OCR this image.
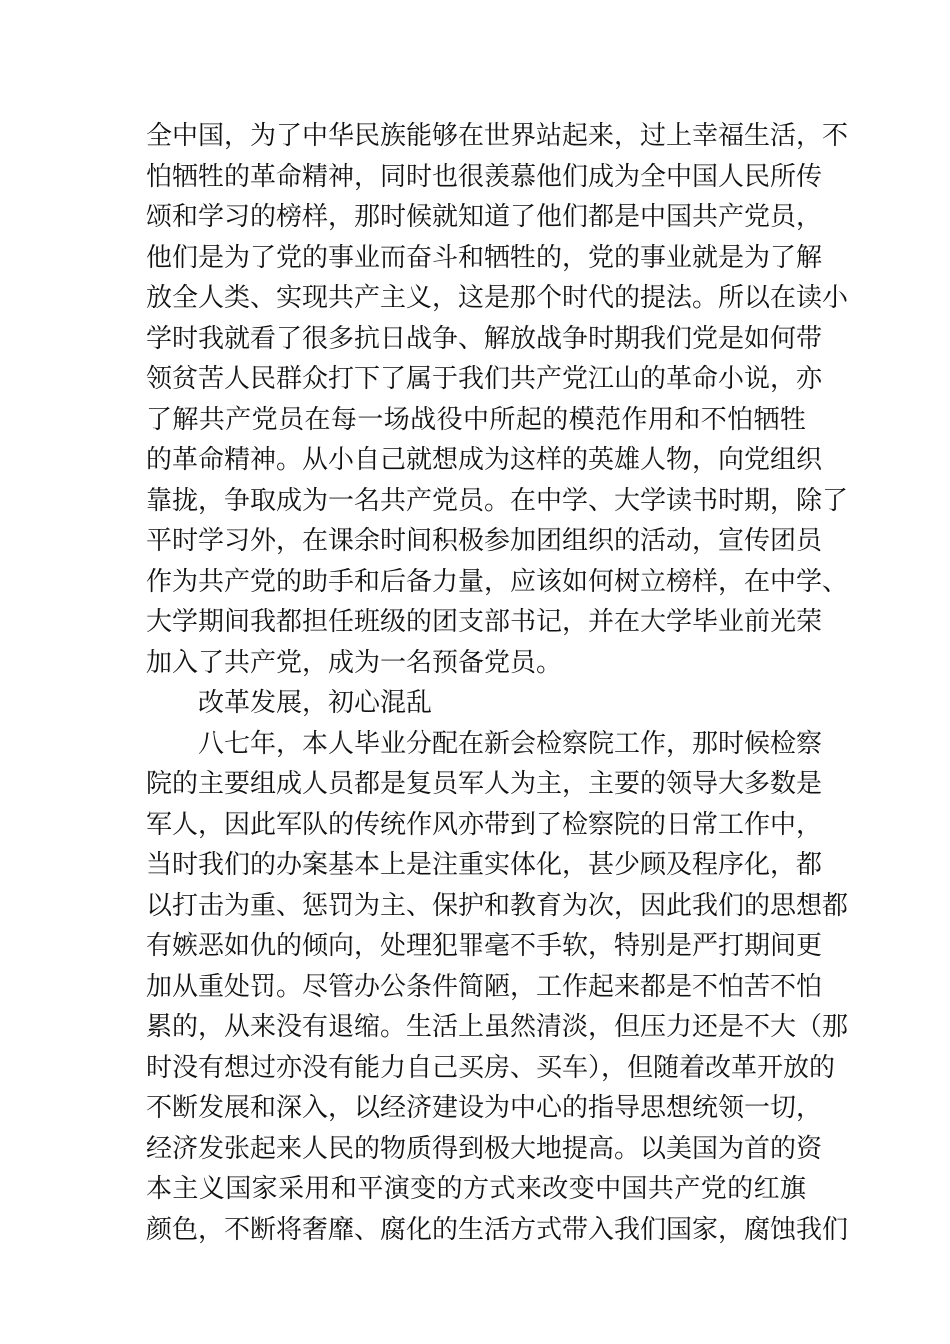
全中国，为了中华民族能够在世界站起来，过上幸福生活，不
怕牺牲的革命精神，同时也很羡慕他们成为全中国人民所传
颂和学习的榜样，那时候就知道了他们都是中国共产党员，
他们是为了党的事业而奋斗和牺牲的，党的事业就是为了解
放全人类、实现共产主义，这是那个时代的提法。所以在读小
学时我就看了很多抗日战争、解放战争时期我们党是如何带
领贫苦人民群众打下了属于我们共产党江山的革命小说，亦
了解共产党员在每一场战役中所起的模范作用和不怕牺牲
的革命精神。从小自己就想成为这样的英雄人物，向党组织
靠拢，争取成为一名共产党员。在中学、大学读书时期，除了
平时学习外，在课余时间积极参加团组织的活动，宣传团员
作为共产党的助手和后备力量，应该如何树立榜样，在中学、
大学期间我都担任班级的团支部书记，并在大学毕业前光荣
加入了共产党，成为一名预备党员。
改革发展，初心混乱
八七年，本人毕业分配在新会检察院工作，那时候检察
院的主要组成人员都是复员军人为主，主要的领导大多数是
军人，因此军队的传统作风亦带到了检察院的日常工作中，
当时我们的办案基本上是注重实体化，甚少顾及程序化，都
以打击为重、惩罚为主、保护和教育为次，因此我们的思想都
有嫉恶如仇的倾向，处理犯罪毫不手软，特别是严打期间更
加从重处罚。尽管办公条件简陋，工作起来都是不怕苦不怕
累的，从来没有退缩。生活上虽然清淡，但压力还是不大（那
时没有想过亦没有能力自己买房、买车），但随着改革开放的
不断发展和深入，以经济建设为中心的指导思想统领一切，
经济发张起来人民的物质得到极大地提高。以美国为首的资
本主义国家采用和平演变的方式来改变中国共产党的红旗
颜色，不断将奢靡、腐化的生活方式带入我们国家，腐蚀我们
